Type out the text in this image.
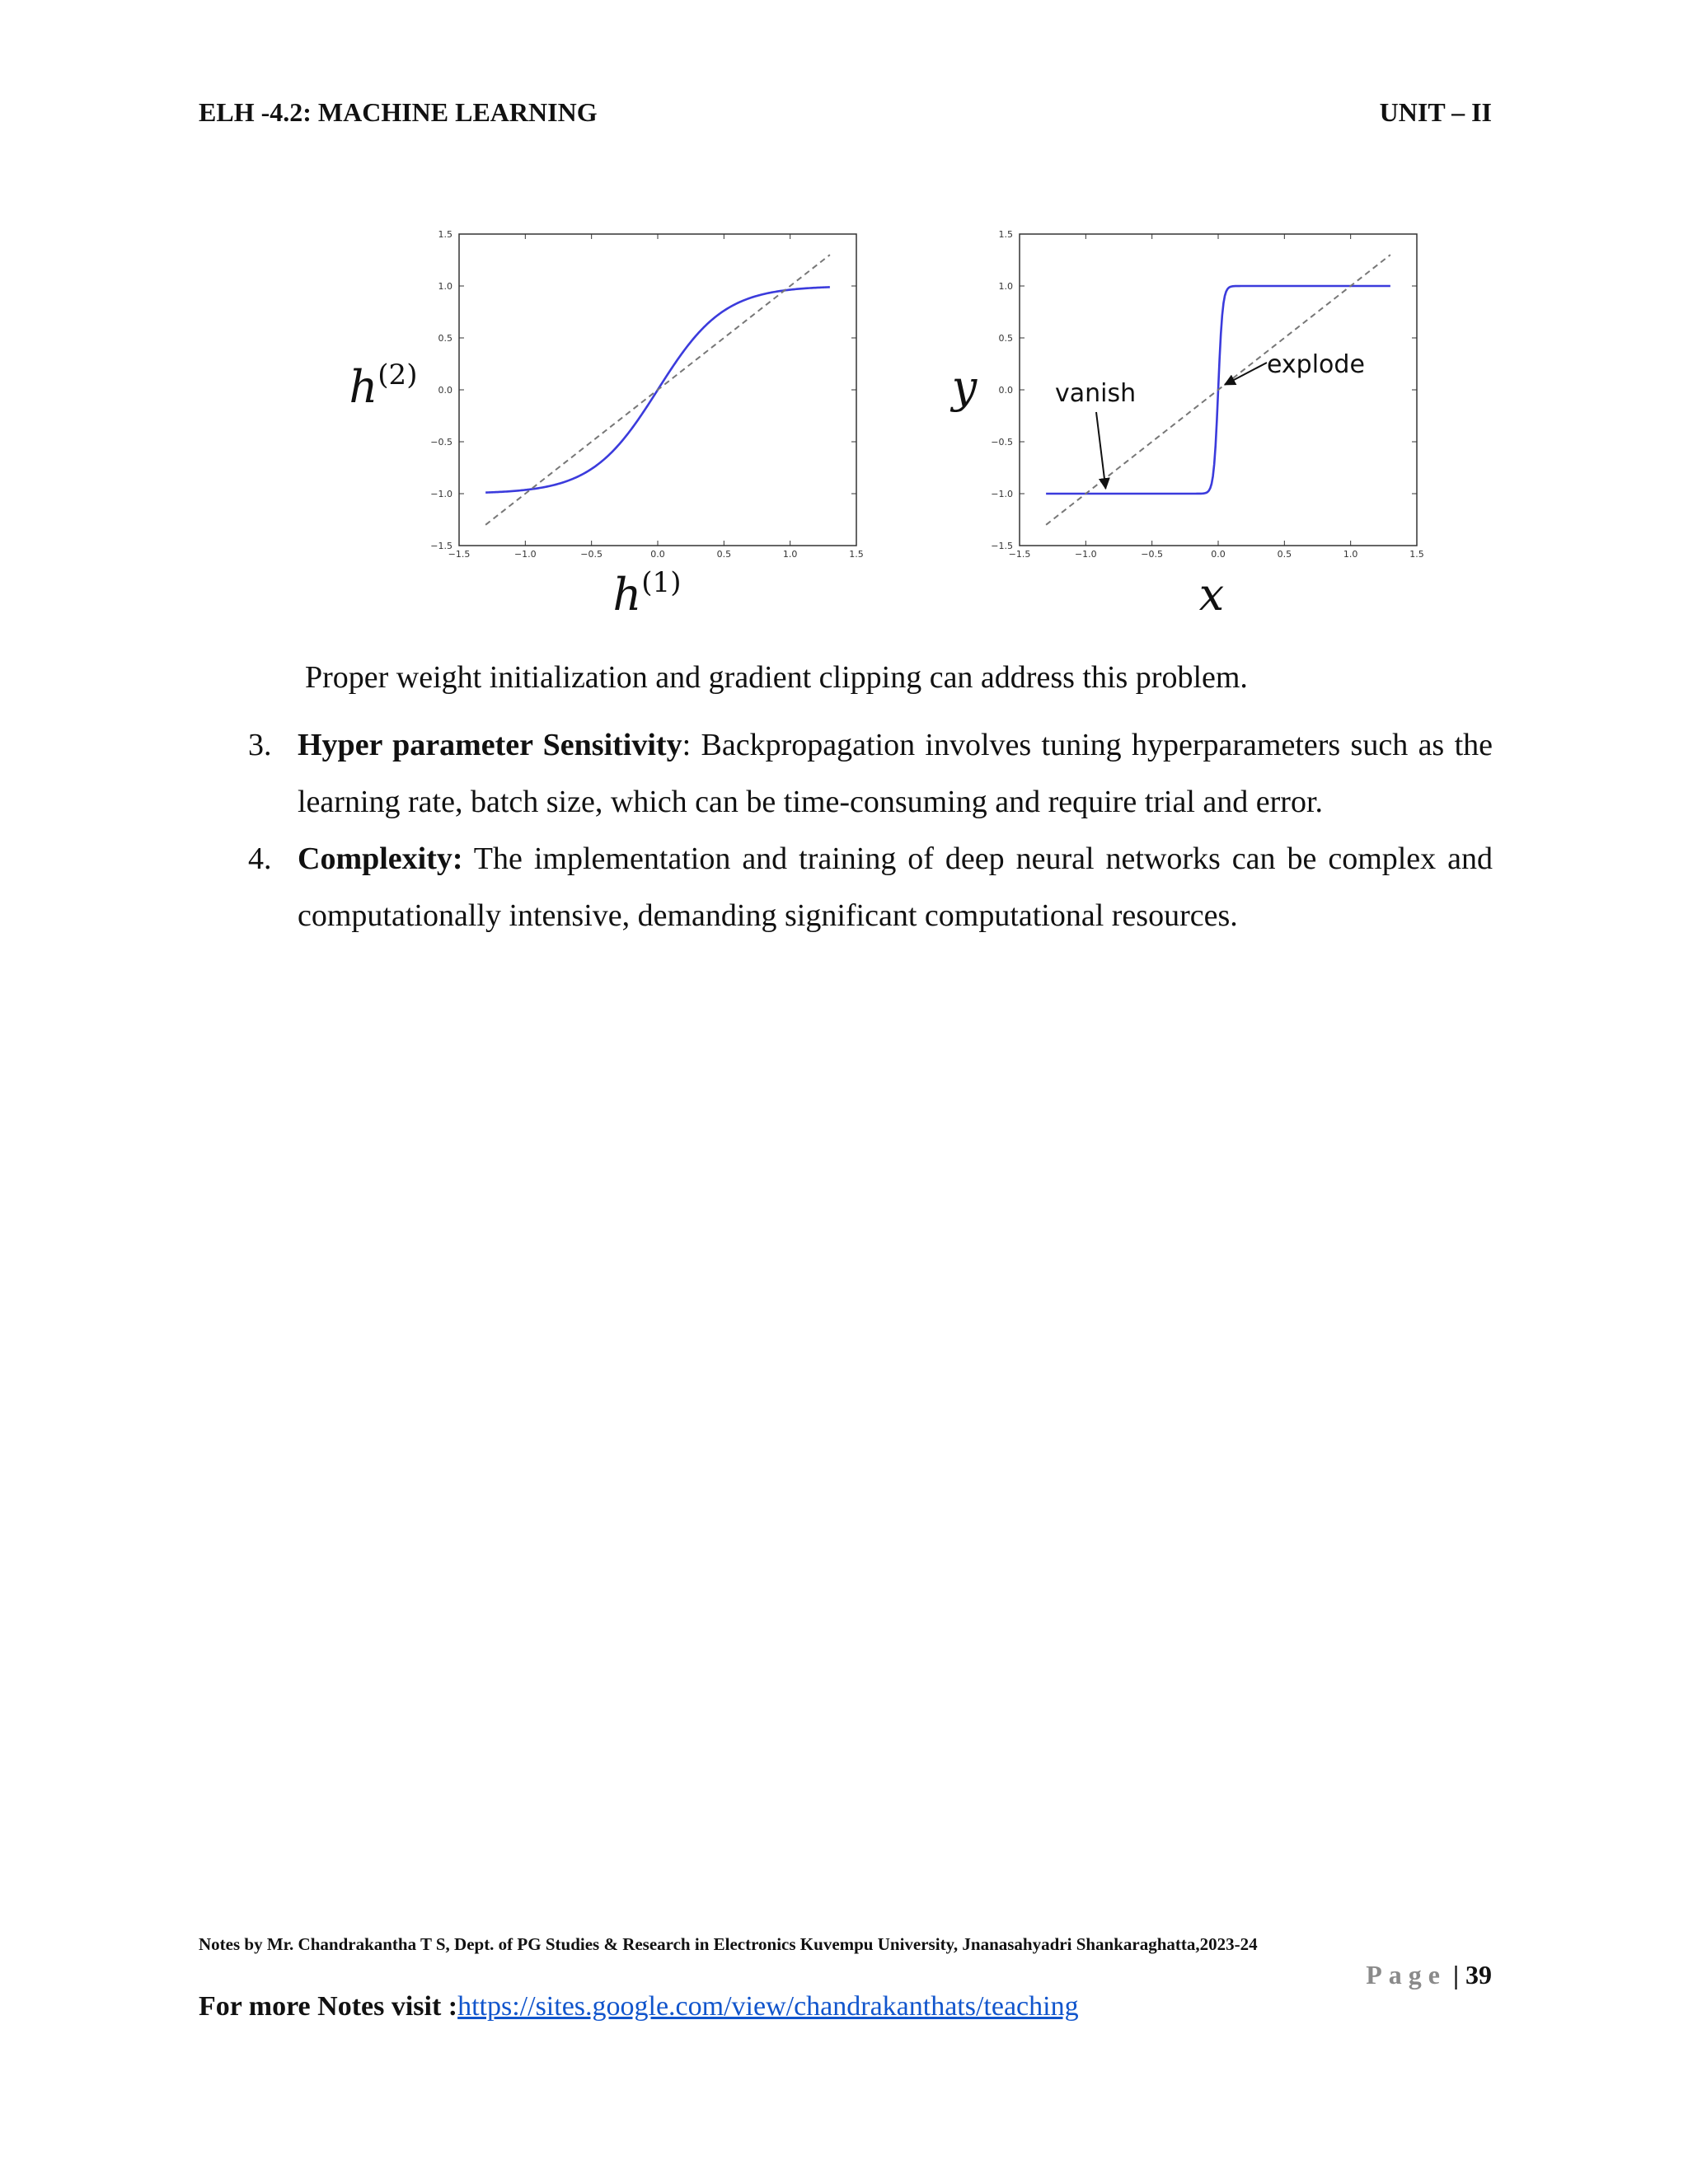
ELH -4.2: MACHINE LEARNING	UNIT – II
−1.5	−1.0	−0.5	0.0	0.5	1.0	1.5
1.5
1.0
0.5
0.0
−0.5
−1.0
−1.5
$h^{(2)}$
$h^{(1)}$
−1.5	−1.0	−0.5	0.0	0.5	1.0	1.5
1.5
1.0
0.5
0.0
−0.5
−1.0
−1.5
y
x
vanish
explode
Proper weight initialization and gradient clipping can address this problem.
3. Hyper parameter Sensitivity: Backpropagation involves tuning hyperparameters such as the learning rate, batch size, which can be time-consuming and require trial and error.
4. Complexity: The implementation and training of deep neural networks can be complex and computationally intensive, demanding significant computational resources.
Notes by Mr. Chandrakantha T S, Dept. of PG Studies & Research in Electronics Kuvempu University, Jnanasahyadri Shankaraghatta,2023-24
Page | 39
For more Notes visit :https://sites.google.com/view/chandrakanthats/teaching
